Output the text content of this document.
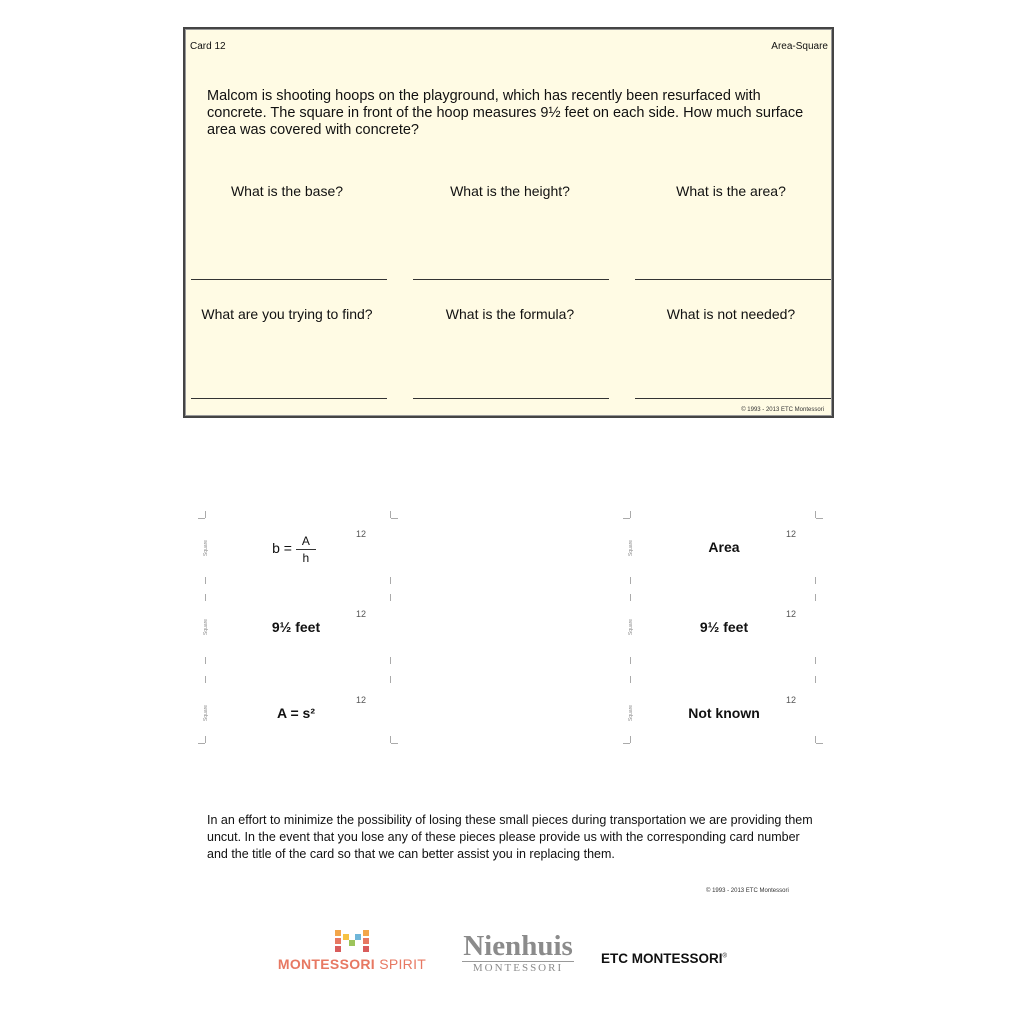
Card 12	Area-Square

Malcom is shooting hoops on the playground, which has recently been resurfaced with concrete. The square in front of the hoop measures 9½ feet on each side. How much surface area was covered with concrete?

What is the base?	What is the height?	What is the area?
What are you trying to find?	What is the formula?	What is not needed?
© 1993 - 2013 ETC Montessori
Square	$b = \frac{A}{h}$	12
Square	9½ feet
12
Square	A = s²
12
Square	Area
12
Square	9½ feet
12
Square	Not known
12

In an effort to minimize the possibility of losing these small pieces during transportation we are providing them uncut. In the event that you lose any of these pieces please provide us with the corresponding card number and the title of the card so that we can better assist you in replacing them.

© 1993 - 2013 ETC Montessori
MONTESSORI SPIRIT
Nienhuis
MONTESSORI
ETC MONTESSORI®
